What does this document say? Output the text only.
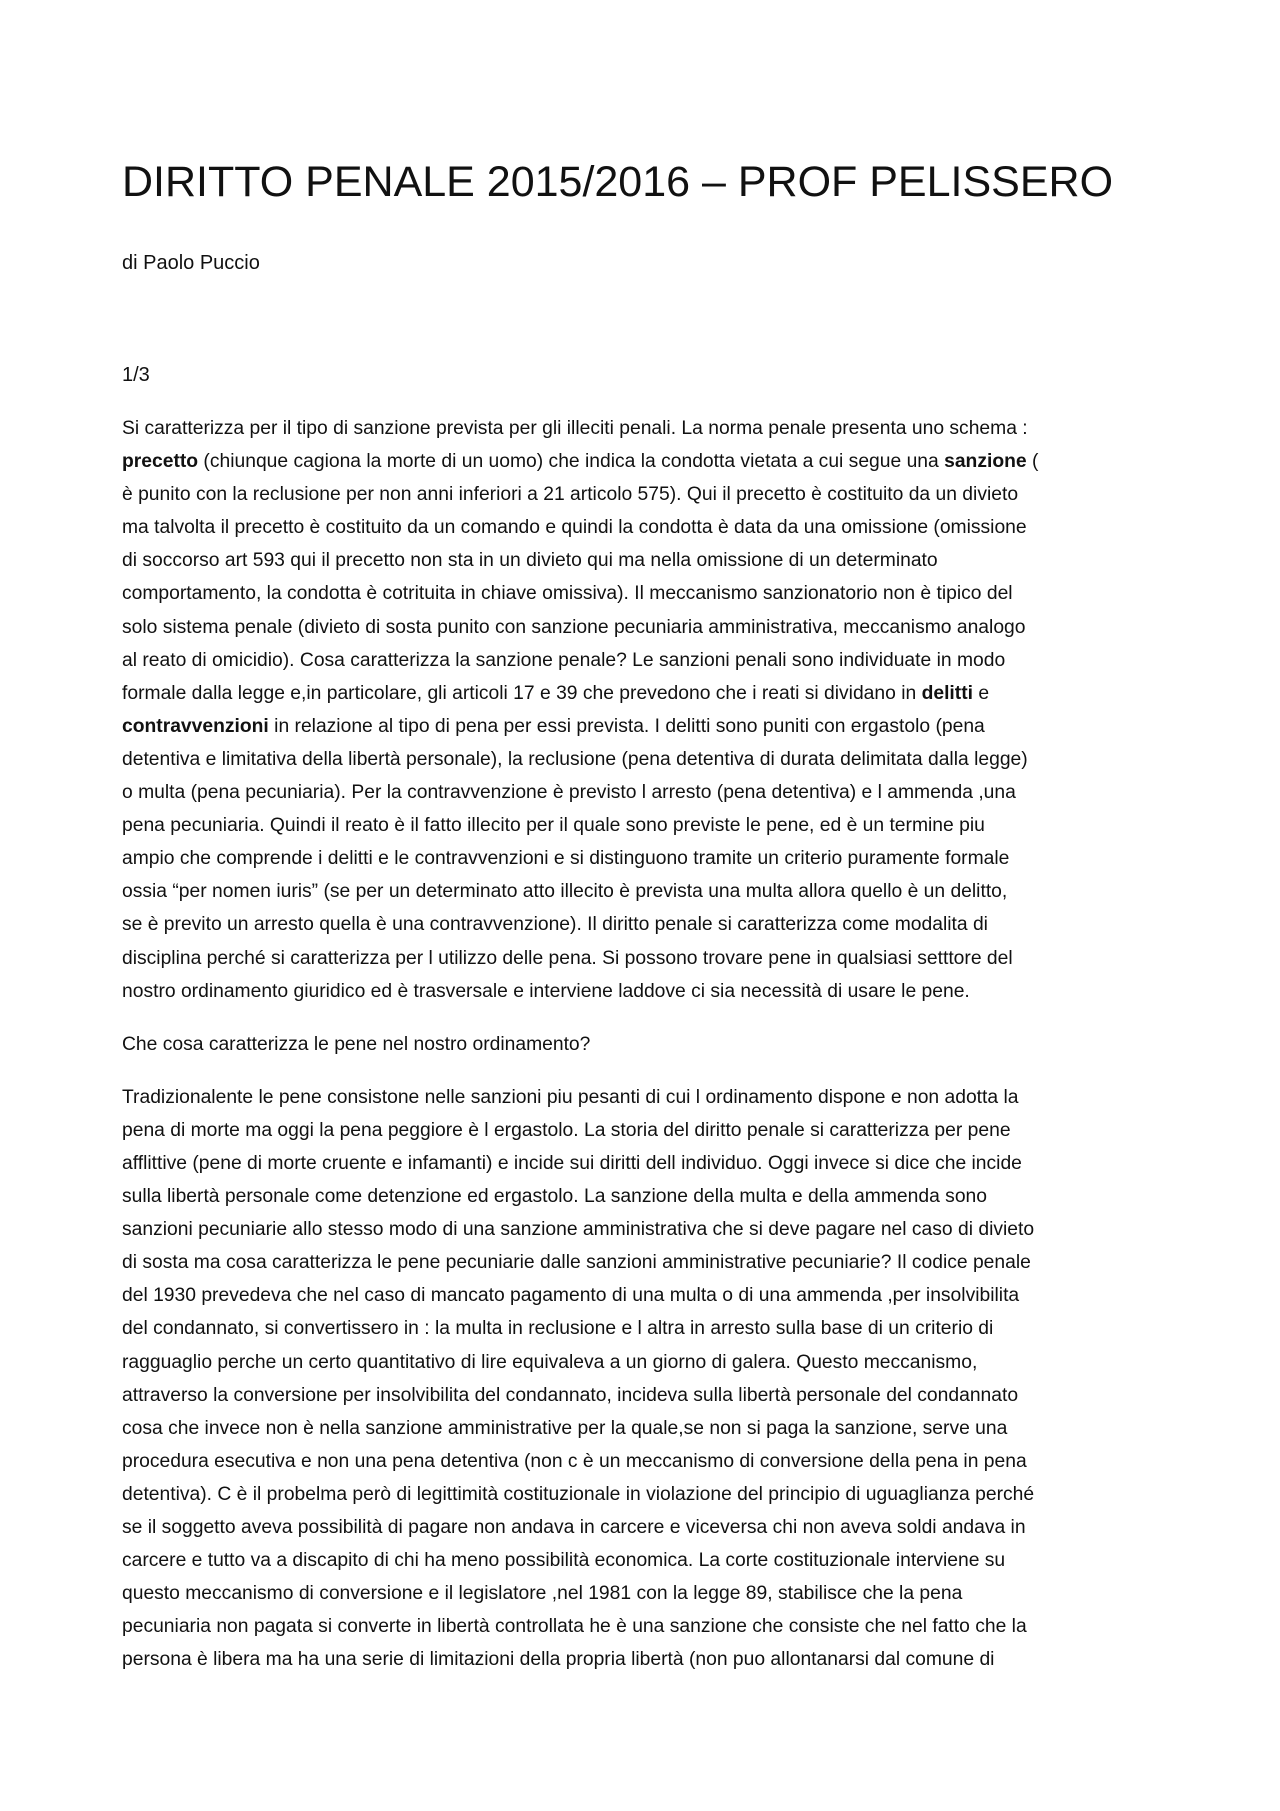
DIRITTO PENALE 2015/2016 – PROF PELISSERO
di Paolo Puccio
1/3

Si caratterizza per il tipo di sanzione prevista per gli illeciti penali. La norma penale presenta uno schema :
precetto (chiunque cagiona la morte di un uomo) che indica la condotta vietata a cui segue una sanzione (
è punito con la reclusione per non anni inferiori a 21 articolo 575). Qui il precetto è costituito da un divieto
ma talvolta il precetto è costituito da un comando e quindi la condotta è data da una omissione (omissione
di soccorso art 593 qui il precetto non sta in un divieto qui ma nella omissione di un determinato
comportamento, la condotta è cotrituita in chiave omissiva). Il meccanismo sanzionatorio non è tipico del
solo sistema penale (divieto di sosta punito con sanzione pecuniaria amministrativa, meccanismo analogo
al reato di omicidio). Cosa caratterizza la sanzione penale? Le sanzioni penali sono individuate in modo
formale dalla legge e,in particolare, gli articoli 17 e 39 che prevedono che i reati si dividano in delitti e
contravvenzioni in relazione al tipo di pena per essi prevista. I delitti sono puniti con ergastolo (pena
detentiva e limitativa della libertà personale), la reclusione (pena detentiva di durata delimitata dalla legge)
o multa (pena pecuniaria). Per la contravvenzione è previsto l arresto (pena detentiva) e l ammenda ,una
pena pecuniaria. Quindi il reato è il fatto illecito per il quale sono previste le pene, ed è un termine piu
ampio che comprende i delitti e le contravvenzioni e si distinguono tramite un criterio puramente formale
ossia “per nomen iuris” (se per un determinato atto illecito è prevista una multa allora quello è un delitto,
se è previto un arresto quella è una contravvenzione). Il diritto penale si caratterizza come modalita di
disciplina perché si caratterizza per l utilizzo delle pena. Si possono trovare pene in qualsiasi setttore del
nostro ordinamento giuridico ed è trasversale e interviene laddove ci sia necessità di usare le pene.

Che cosa caratterizza le pene nel nostro ordinamento?

Tradizionalente le pene consistone nelle sanzioni piu pesanti di cui l ordinamento dispone e non adotta la
pena di morte ma oggi la pena peggiore è l ergastolo. La storia del diritto penale si caratterizza per pene
afflittive (pene di morte cruente e infamanti) e incide sui diritti dell individuo. Oggi invece si dice che incide
sulla libertà personale come detenzione ed ergastolo. La sanzione della multa e della ammenda sono
sanzioni pecuniarie allo stesso modo di una sanzione amministrativa che si deve pagare nel caso di divieto
di sosta ma cosa caratterizza le pene pecuniarie dalle sanzioni amministrative pecuniarie? Il codice penale
del 1930 prevedeva che nel caso di mancato pagamento di una multa o di una ammenda ,per insolvibilita
del condannato, si convertissero in : la multa in reclusione e l altra in arresto sulla base di un criterio di
ragguaglio perche un certo quantitativo di lire equivaleva a un giorno di galera. Questo meccanismo,
attraverso la conversione per insolvibilita del condannato, incideva sulla libertà personale del condannato
cosa che invece non è nella sanzione amministrative per la quale,se non si paga la sanzione, serve una
procedura esecutiva e non una pena detentiva (non c è un meccanismo di conversione della pena in pena
detentiva). C è il probelma però di legittimità costituzionale in violazione del principio di uguaglianza perché
se il soggetto aveva possibilità di pagare non andava in carcere e viceversa chi non aveva soldi andava in
carcere e tutto va a discapito di chi ha meno possibilità economica. La corte costituzionale interviene su
questo meccanismo di conversione e il legislatore ,nel 1981 con la legge 89, stabilisce che la pena
pecuniaria non pagata si converte in libertà controllata he è una sanzione che consiste che nel fatto che la
persona è libera ma ha una serie di limitazioni della propria libertà (non puo allontanarsi dal comune di
